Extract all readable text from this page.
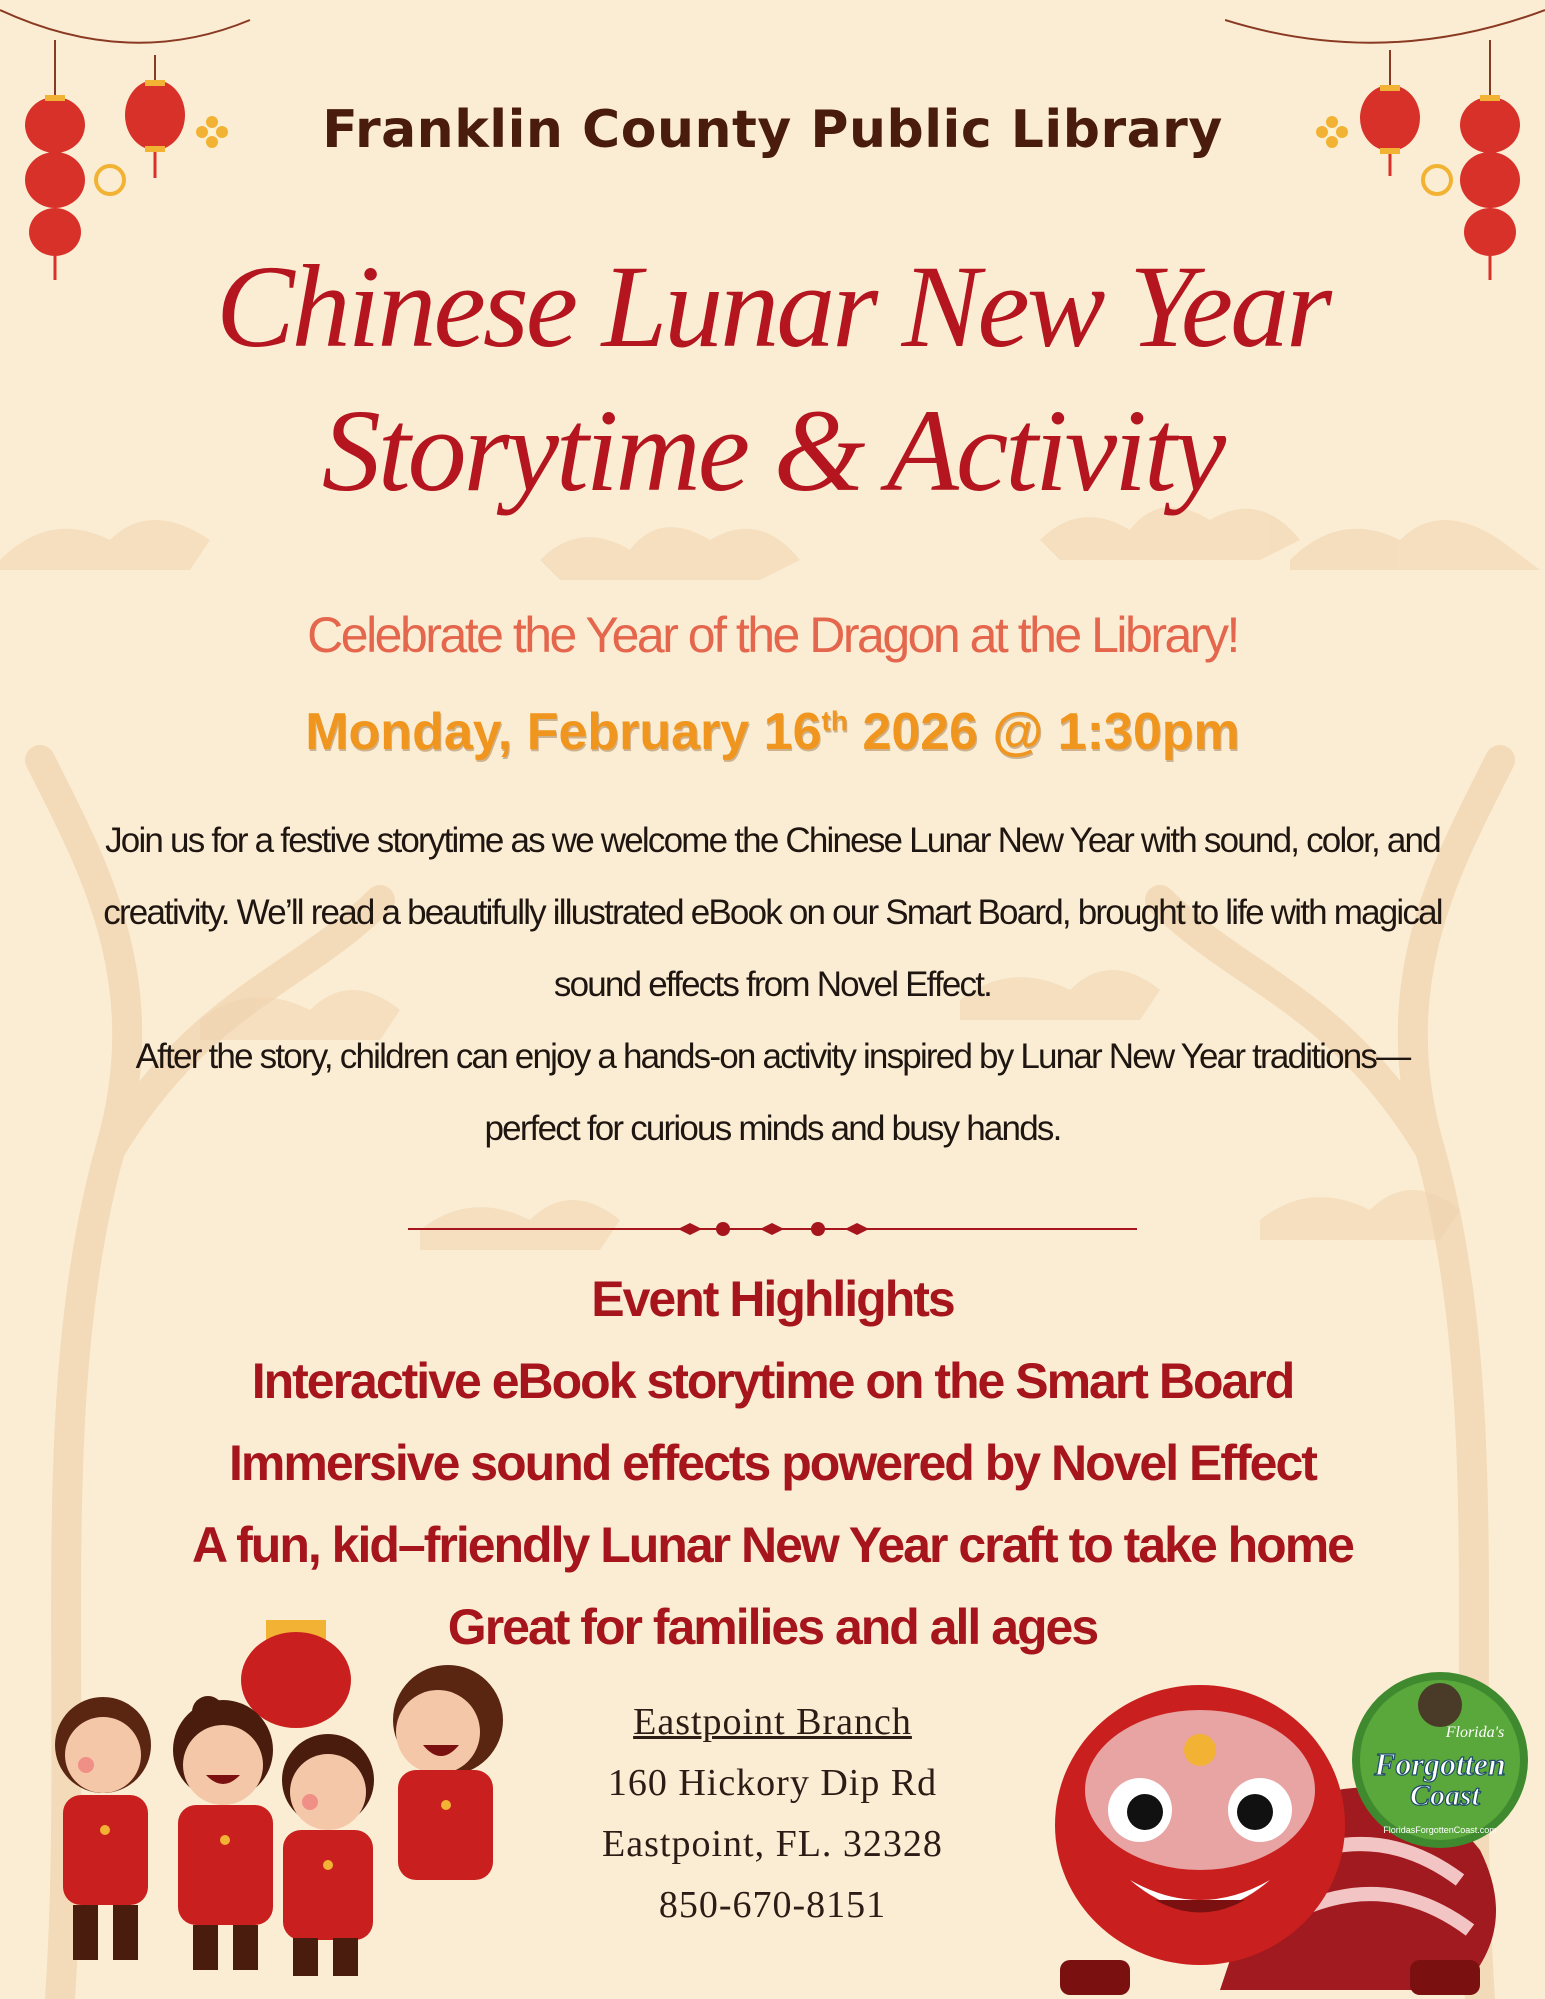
Franklin County Public Library
Chinese Lunar New Year
Storytime & Activity
Celebrate the Year of the Dragon at the Library!
Monday, February 16th 2026 @ 1:30pm

Join us for a festive storytime as we welcome the Chinese Lunar New Year with sound, color, and creativity. We’ll read a beautifully illustrated eBook on our Smart Board, brought to life with magical sound effects from Novel Effect.

After the story, children can enjoy a hands-on activity inspired by Lunar New Year traditions—perfect for curious minds and busy hands.

Event Highlights
Interactive eBook storytime on the Smart Board
Immersive sound effects powered by Novel Effect
A fun, kid–friendly Lunar New Year craft to take home
Great for families and all ages
Eastpoint Branch
160 Hickory Dip Rd
Eastpoint, FL. 32328
850-670-8151
Florida's
Forgotten
Coast
FloridasForgottenCoast.com
